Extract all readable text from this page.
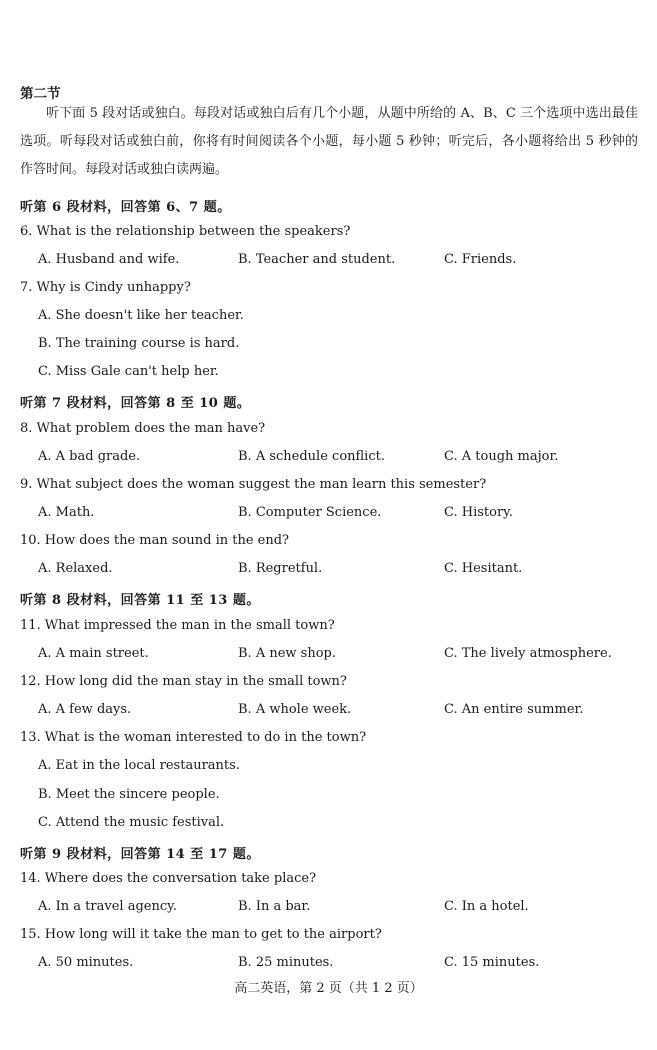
第二节
听下面 5 段对话或独白。每段对话或独白后有几个小题，从题中所给的 A、B、C 三个选项中选出最佳选项。听每段对话或独白前，你将有时间阅读各个小题，每小题 5 秒钟；听完后，各小题将给出 5 秒钟的作答时间。每段对话或独白读两遍。
听第 6 段材料，回答第 6、7 题。
6. What is the relationship between the speakers?
A. Husband and wife.	B. Teacher and student.	C. Friends.
7. Why is Cindy unhappy?
A. She doesn't like her teacher.
B. The training course is hard.
C. Miss Gale can't help her.
听第 7 段材料，回答第 8 至 10 题。
8. What problem does the man have?
A. A bad grade.	B. A schedule conflict.	C. A tough major.
9. What subject does the woman suggest the man learn this semester?
A. Math.	B. Computer Science.	C. History.
10. How does the man sound in the end?
A. Relaxed.	B. Regretful.	C. Hesitant.
听第 8 段材料，回答第 11 至 13 题。
11. What impressed the man in the small town?
A. A main street.	B. A new shop.	C. The lively atmosphere.
12. How long did the man stay in the small town?
A. A few days.	B. A whole week.	C. An entire summer.
13. What is the woman interested to do in the town?
A. Eat in the local restaurants.
B. Meet the sincere people.
C. Attend the music festival.
听第 9 段材料，回答第 14 至 17 题。
14. Where does the conversation take place?
A. In a travel agency.	B. In a bar.	C. In a hotel.
15. How long will it take the man to get to the airport?
A. 50 minutes.	B. 25 minutes.	C. 15 minutes.
高二英语，第 2 页（共 1 2 页）
